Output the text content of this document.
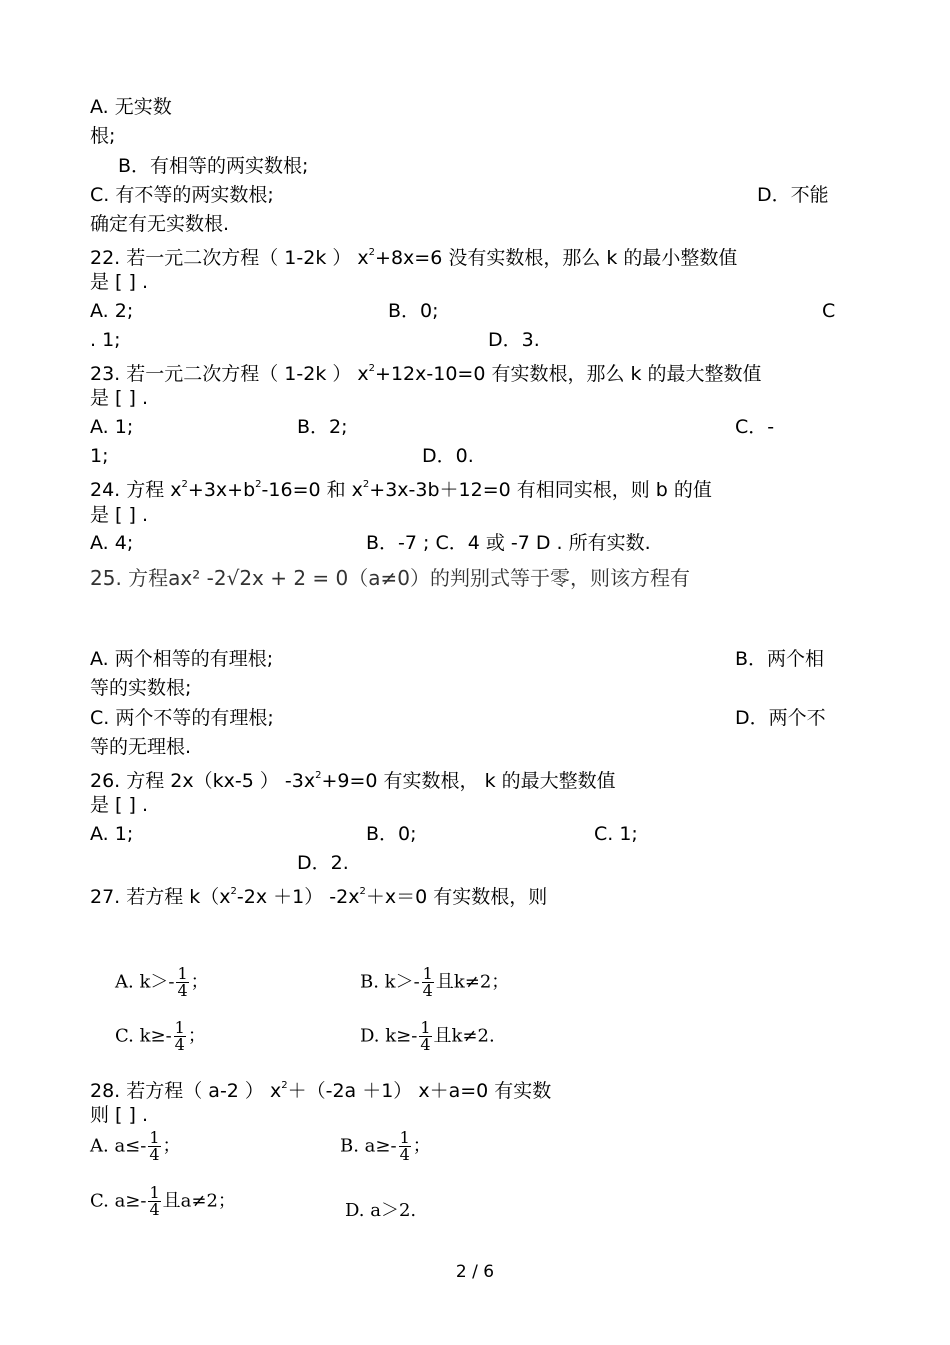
A. 无实数
根;
B．有相等的两实数根;
C. 有不等的两实数根;	D．不能
确定有无实数根.
22. 若一元二次方程（ 1-2k ） $x^2+8x=6$ 没有实数根，那么 k 的最小整数值
是 [ ] .
A. 2;	B．0;	C
. 1;	D．3.
23. 若一元二次方程（ 1-2k ） $x^2+12x-10=0$ 有实数根，那么 k 的最大整数值
是 [ ] .
A. 1;	B．2;	C．-
1;	D．0.
24. 方程 $x^2+3x+b^2-16=0$ 和 $x^2+3x-3b+12=0$ 有相同实根，则 b 的值
是 [ ] .
A. 4;	B．-7 ; C．4 或 -7 D . 所有实数.
25. 方程ax² -2√2x + 2 = 0（a≠0）的判别式等于零，则该方程有
A. 两个相等的有理根;	B．两个相
等的实数根;
C. 两个不等的有理根;	D．两个不
等的无理根.
26. 方程 2x（kx-5 ） $-3x^2+9=0$ 有实数根， k 的最大整数值
是 [ ] .
A. 1;	B．0;	C. 1;
D．2.
27. 若方程 $k(x^2-2x +1)$ $-2x^2+x=0$ 有实数根，则
A. $k>- \frac{1}{4}$ ；	B. $k>- \frac{1}{4}$ 且k≠2；
C. $k\ge- \frac{1}{4}$ ；	D. $k\ge- \frac{1}{4}$ 且k≠2.
28. 若方程（ a-2 ） $x^2+(-2a +1)$ x＋a=0 有实数
则 [ ] .
A. $a\le- \frac{1}{4}$ ；	B. $a\ge- \frac{1}{4}$ ；
C. $a\ge- \frac{1}{4}$ 且a≠2；	D. a＞2.
2 / 6
